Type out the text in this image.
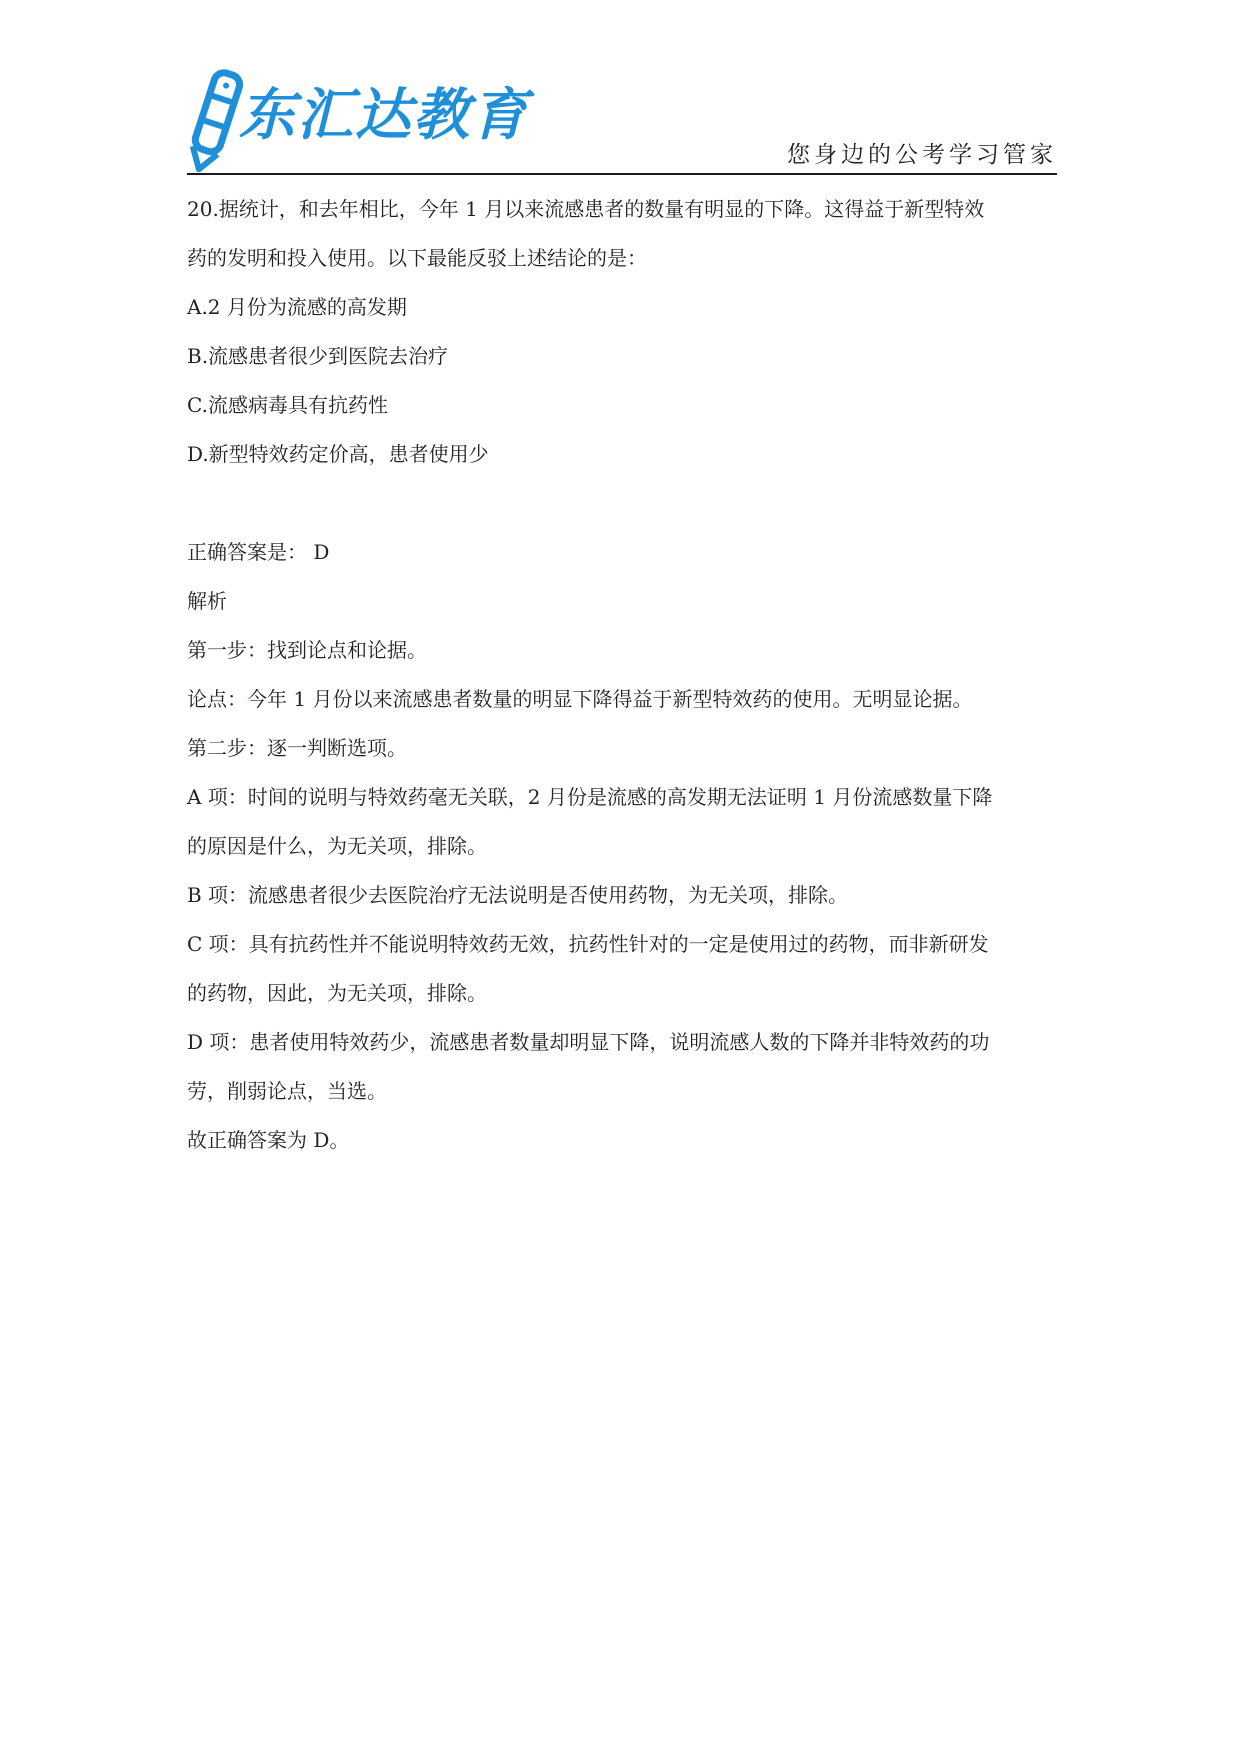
东汇达教育
您身边的公考学习管家

20.据统计，和去年相比，今年 1 月以来流感患者的数量有明显的下降。这得益于新型特效

药的发明和投入使用。以下最能反驳上述结论的是：

A.2 月份为流感的高发期

B.流感患者很少到医院去治疗

C.流感病毒具有抗药性

D.新型特效药定价高，患者使用少

正确答案是： D

解析

第一步：找到论点和论据。

论点：今年 1 月份以来流感患者数量的明显下降得益于新型特效药的使用。无明显论据。

第二步：逐一判断选项。

A 项：时间的说明与特效药毫无关联，2 月份是流感的高发期无法证明 1 月份流感数量下降

的原因是什么，为无关项，排除。

B 项：流感患者很少去医院治疗无法说明是否使用药物，为无关项，排除。

C 项：具有抗药性并不能说明特效药无效，抗药性针对的一定是使用过的药物，而非新研发

的药物，因此，为无关项，排除。

D 项：患者使用特效药少，流感患者数量却明显下降，说明流感人数的下降并非特效药的功

劳，削弱论点，当选。

故正确答案为 D。
